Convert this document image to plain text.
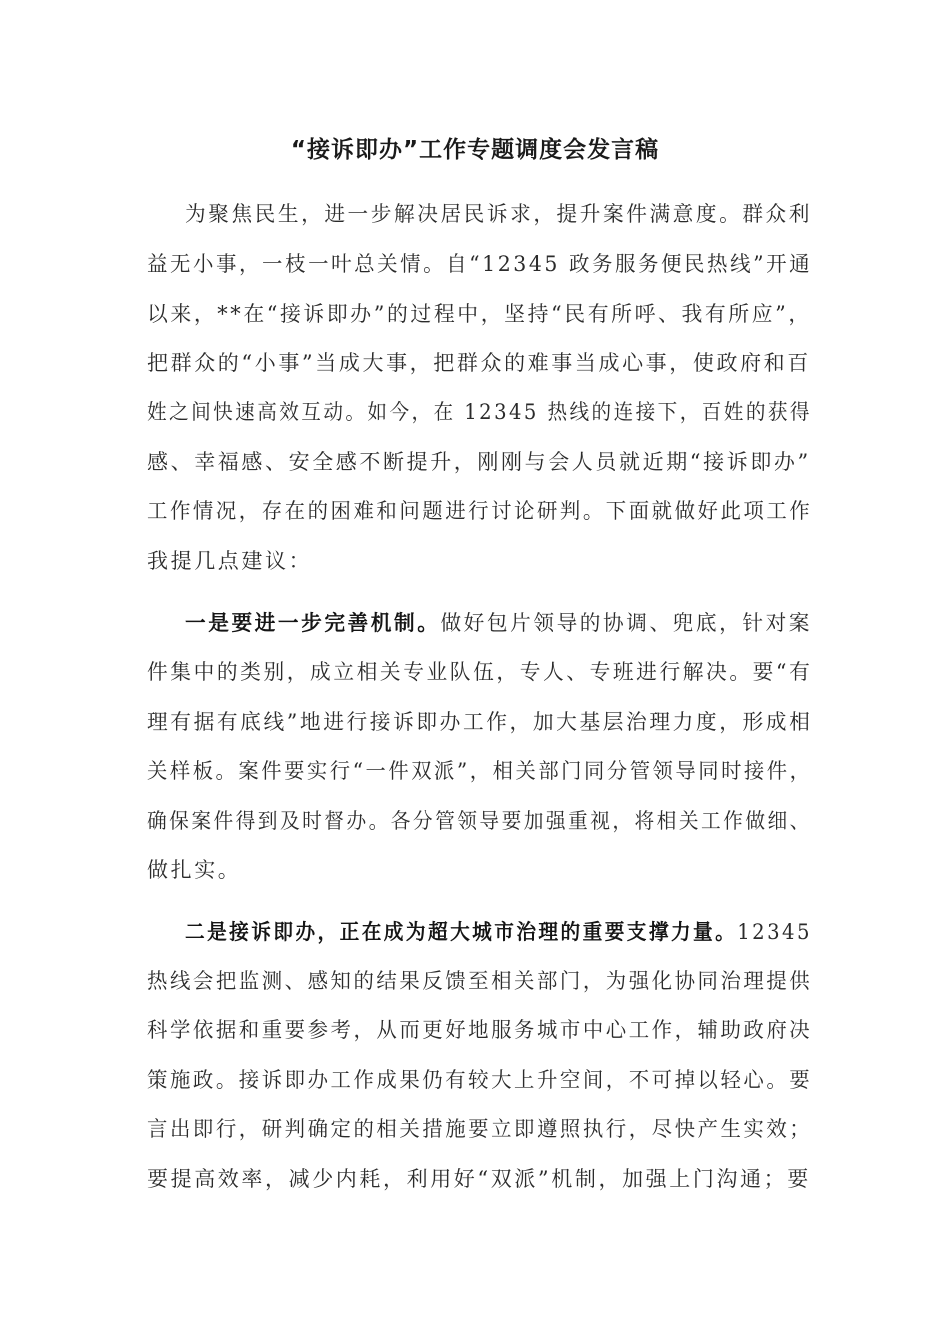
“接诉即办”工作专题调度会发言稿
为聚焦民生，进一步解决居民诉求，提升案件满意度。群众利
益无小事，一枝一叶总关情。自“12345 政务服务便民热线”开通
以来，**在“接诉即办”的过程中，坚持“民有所呼、我有所应”，
把群众的“小事”当成大事，把群众的难事当成心事，使政府和百
姓之间快速高效互动。如今，在 12345 热线的连接下，百姓的获得
感、幸福感、安全感不断提升，刚刚与会人员就近期“接诉即办”
工作情况，存在的困难和问题进行讨论研判。下面就做好此项工作
我提几点建议：
一是要进一步完善机制。做好包片领导的协调、兜底，针对案
件集中的类别，成立相关专业队伍，专人、专班进行解决。要“有
理有据有底线”地进行接诉即办工作，加大基层治理力度，形成相
关样板。案件要实行“一件双派”，相关部门同分管领导同时接件，
确保案件得到及时督办。各分管领导要加强重视，将相关工作做细、
做扎实。
二是接诉即办，正在成为超大城市治理的重要支撑力量。12345
热线会把监测、感知的结果反馈至相关部门，为强化协同治理提供
科学依据和重要参考，从而更好地服务城市中心工作，辅助政府决
策施政。接诉即办工作成果仍有较大上升空间，不可掉以轻心。要
言出即行，研判确定的相关措施要立即遵照执行，尽快产生实效；
要提高效率，减少内耗，利用好“双派”机制，加强上门沟通；要
